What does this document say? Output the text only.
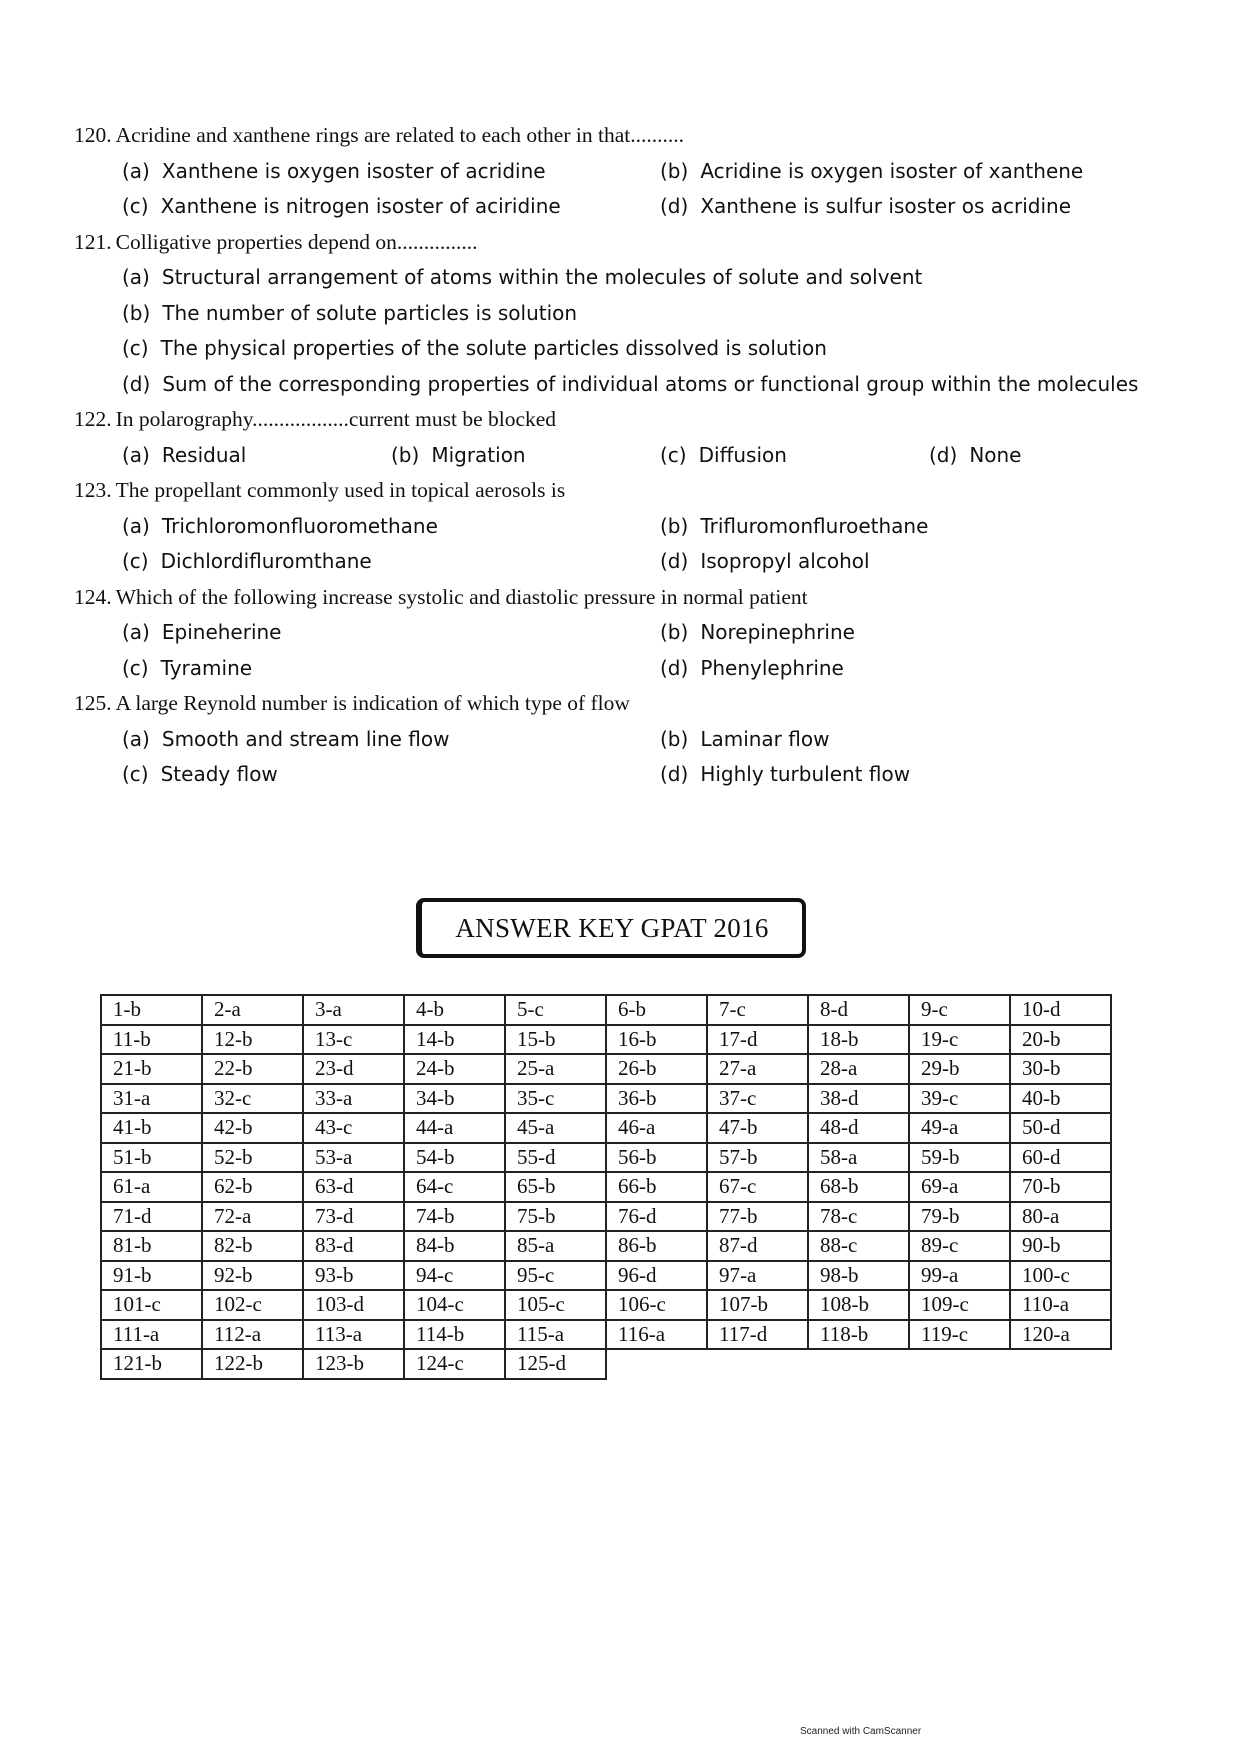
120. Acridine and xanthene rings are related to each other in that..........
(a) Xanthene is oxygen isoster of acridine	(b) Acridine is oxygen isoster of xanthene
(c) Xanthene is nitrogen isoster of aciridine	(d) Xanthene is sulfur isoster os acridine
121. Colligative properties depend on...............
(a) Structural arrangement of atoms within the molecules of solute and solvent
(b) The number of solute particles is solution
(c) The physical properties of the solute particles dissolved is solution
(d) Sum of the corresponding properties of individual atoms or functional group within the molecules
122. In polarography..................current must be blocked
(a) Residual	(b) Migration	(c) Diffusion	(d) None
123. The propellant commonly used in topical aerosols is
(a) Trichloromonfluoromethane	(b) Trifluromonfluroethane
(c) Dichlordifluromthane	(d) Isopropyl alcohol
124. Which of the following increase systolic and diastolic pressure in normal patient
(a) Epineherine	(b) Norepinephrine
(c) Tyramine	(d) Phenylephrine
125. A large Reynold number is indication of which type of flow
(a) Smooth and stream line flow	(b) Laminar flow
(c) Steady flow	(d) Highly turbulent flow
ANSWER KEY GPAT 2016
1-b	2-a	3-a	4-b	5-c	6-b	7-c	8-d	9-c	10-d
11-b	12-b	13-c	14-b	15-b	16-b	17-d	18-b	19-c	20-b
21-b	22-b	23-d	24-b	25-a	26-b	27-a	28-a	29-b	30-b
31-a	32-c	33-a	34-b	35-c	36-b	37-c	38-d	39-c	40-b
41-b	42-b	43-c	44-a	45-a	46-a	47-b	48-d	49-a	50-d
51-b	52-b	53-a	54-b	55-d	56-b	57-b	58-a	59-b	60-d
61-a	62-b	63-d	64-c	65-b	66-b	67-c	68-b	69-a	70-b
71-d	72-a	73-d	74-b	75-b	76-d	77-b	78-c	79-b	80-a
81-b	82-b	83-d	84-b	85-a	86-b	87-d	88-c	89-c	90-b
91-b	92-b	93-b	94-c	95-c	96-d	97-a	98-b	99-a	100-c
101-c	102-c	103-d	104-c	105-c	106-c	107-b	108-b	109-c	110-a
111-a	112-a	113-a	114-b	115-a	116-a	117-d	118-b	119-c	120-a
121-b	122-b	123-b	124-c	125-d					
Scanned with CamScanner
